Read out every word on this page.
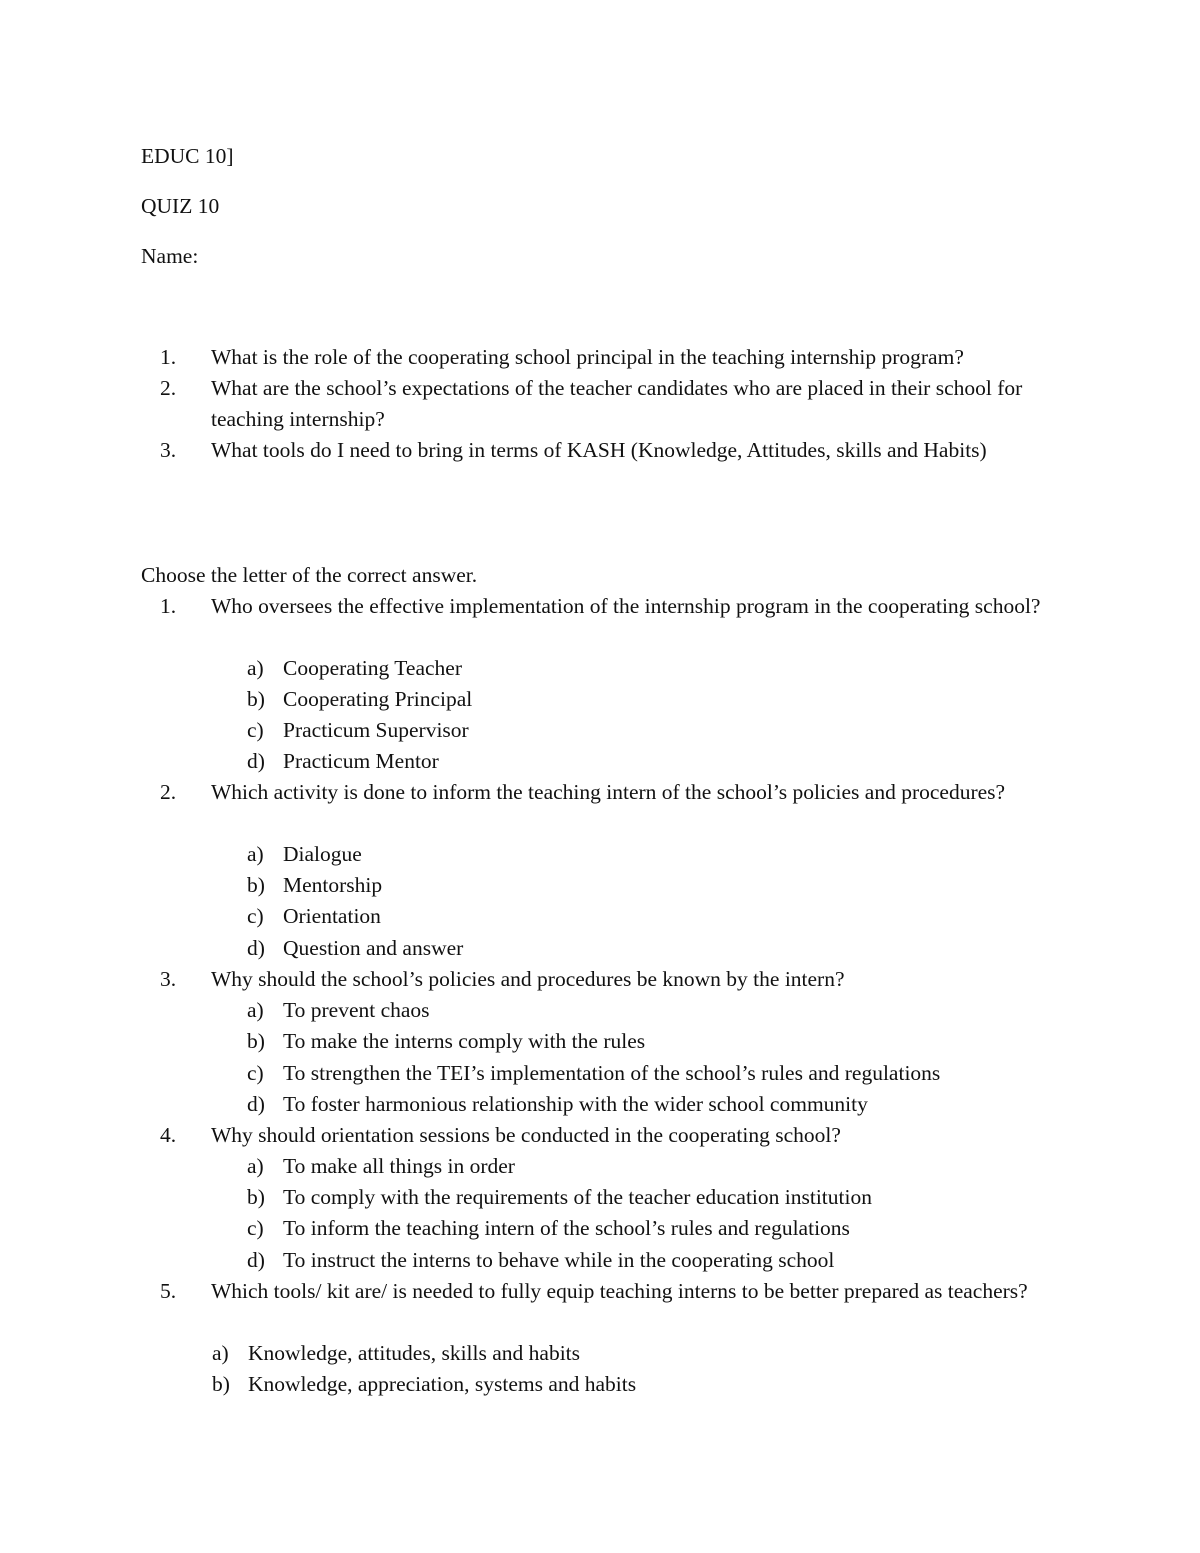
EDUC 10]
QUIZ 10
Name:
1. What is the role of the cooperating school principal in the teaching internship program?
2. What are the school’s expectations of the teacher candidates who are placed in their school for teaching internship?
3. What tools do I need to bring in terms of KASH (Knowledge, Attitudes, skills and Habits)
Choose the letter of the correct answer.
1. Who oversees the effective implementation of the internship program in the cooperating school?
a) Cooperating Teacher
b) Cooperating Principal
c) Practicum Supervisor
d) Practicum Mentor
2. Which activity is done to inform the teaching intern of the school’s policies and procedures?
a) Dialogue
b) Mentorship
c) Orientation
d) Question and answer
3. Why should the school’s policies and procedures be known by the intern?
a) To prevent chaos
b) To make the interns comply with the rules
c) To strengthen the TEI’s implementation of the school’s rules and regulations
d) To foster harmonious relationship with the wider school community
4. Why should orientation sessions be conducted in the cooperating school?
a) To make all things in order
b) To comply with the requirements of the teacher education institution
c) To inform the teaching intern of the school’s rules and regulations
d) To instruct the interns to behave while in the cooperating school
5. Which tools/ kit are/ is needed to fully equip teaching interns to be better prepared as teachers?
a) Knowledge, attitudes, skills and habits
b) Knowledge, appreciation, systems and habits
